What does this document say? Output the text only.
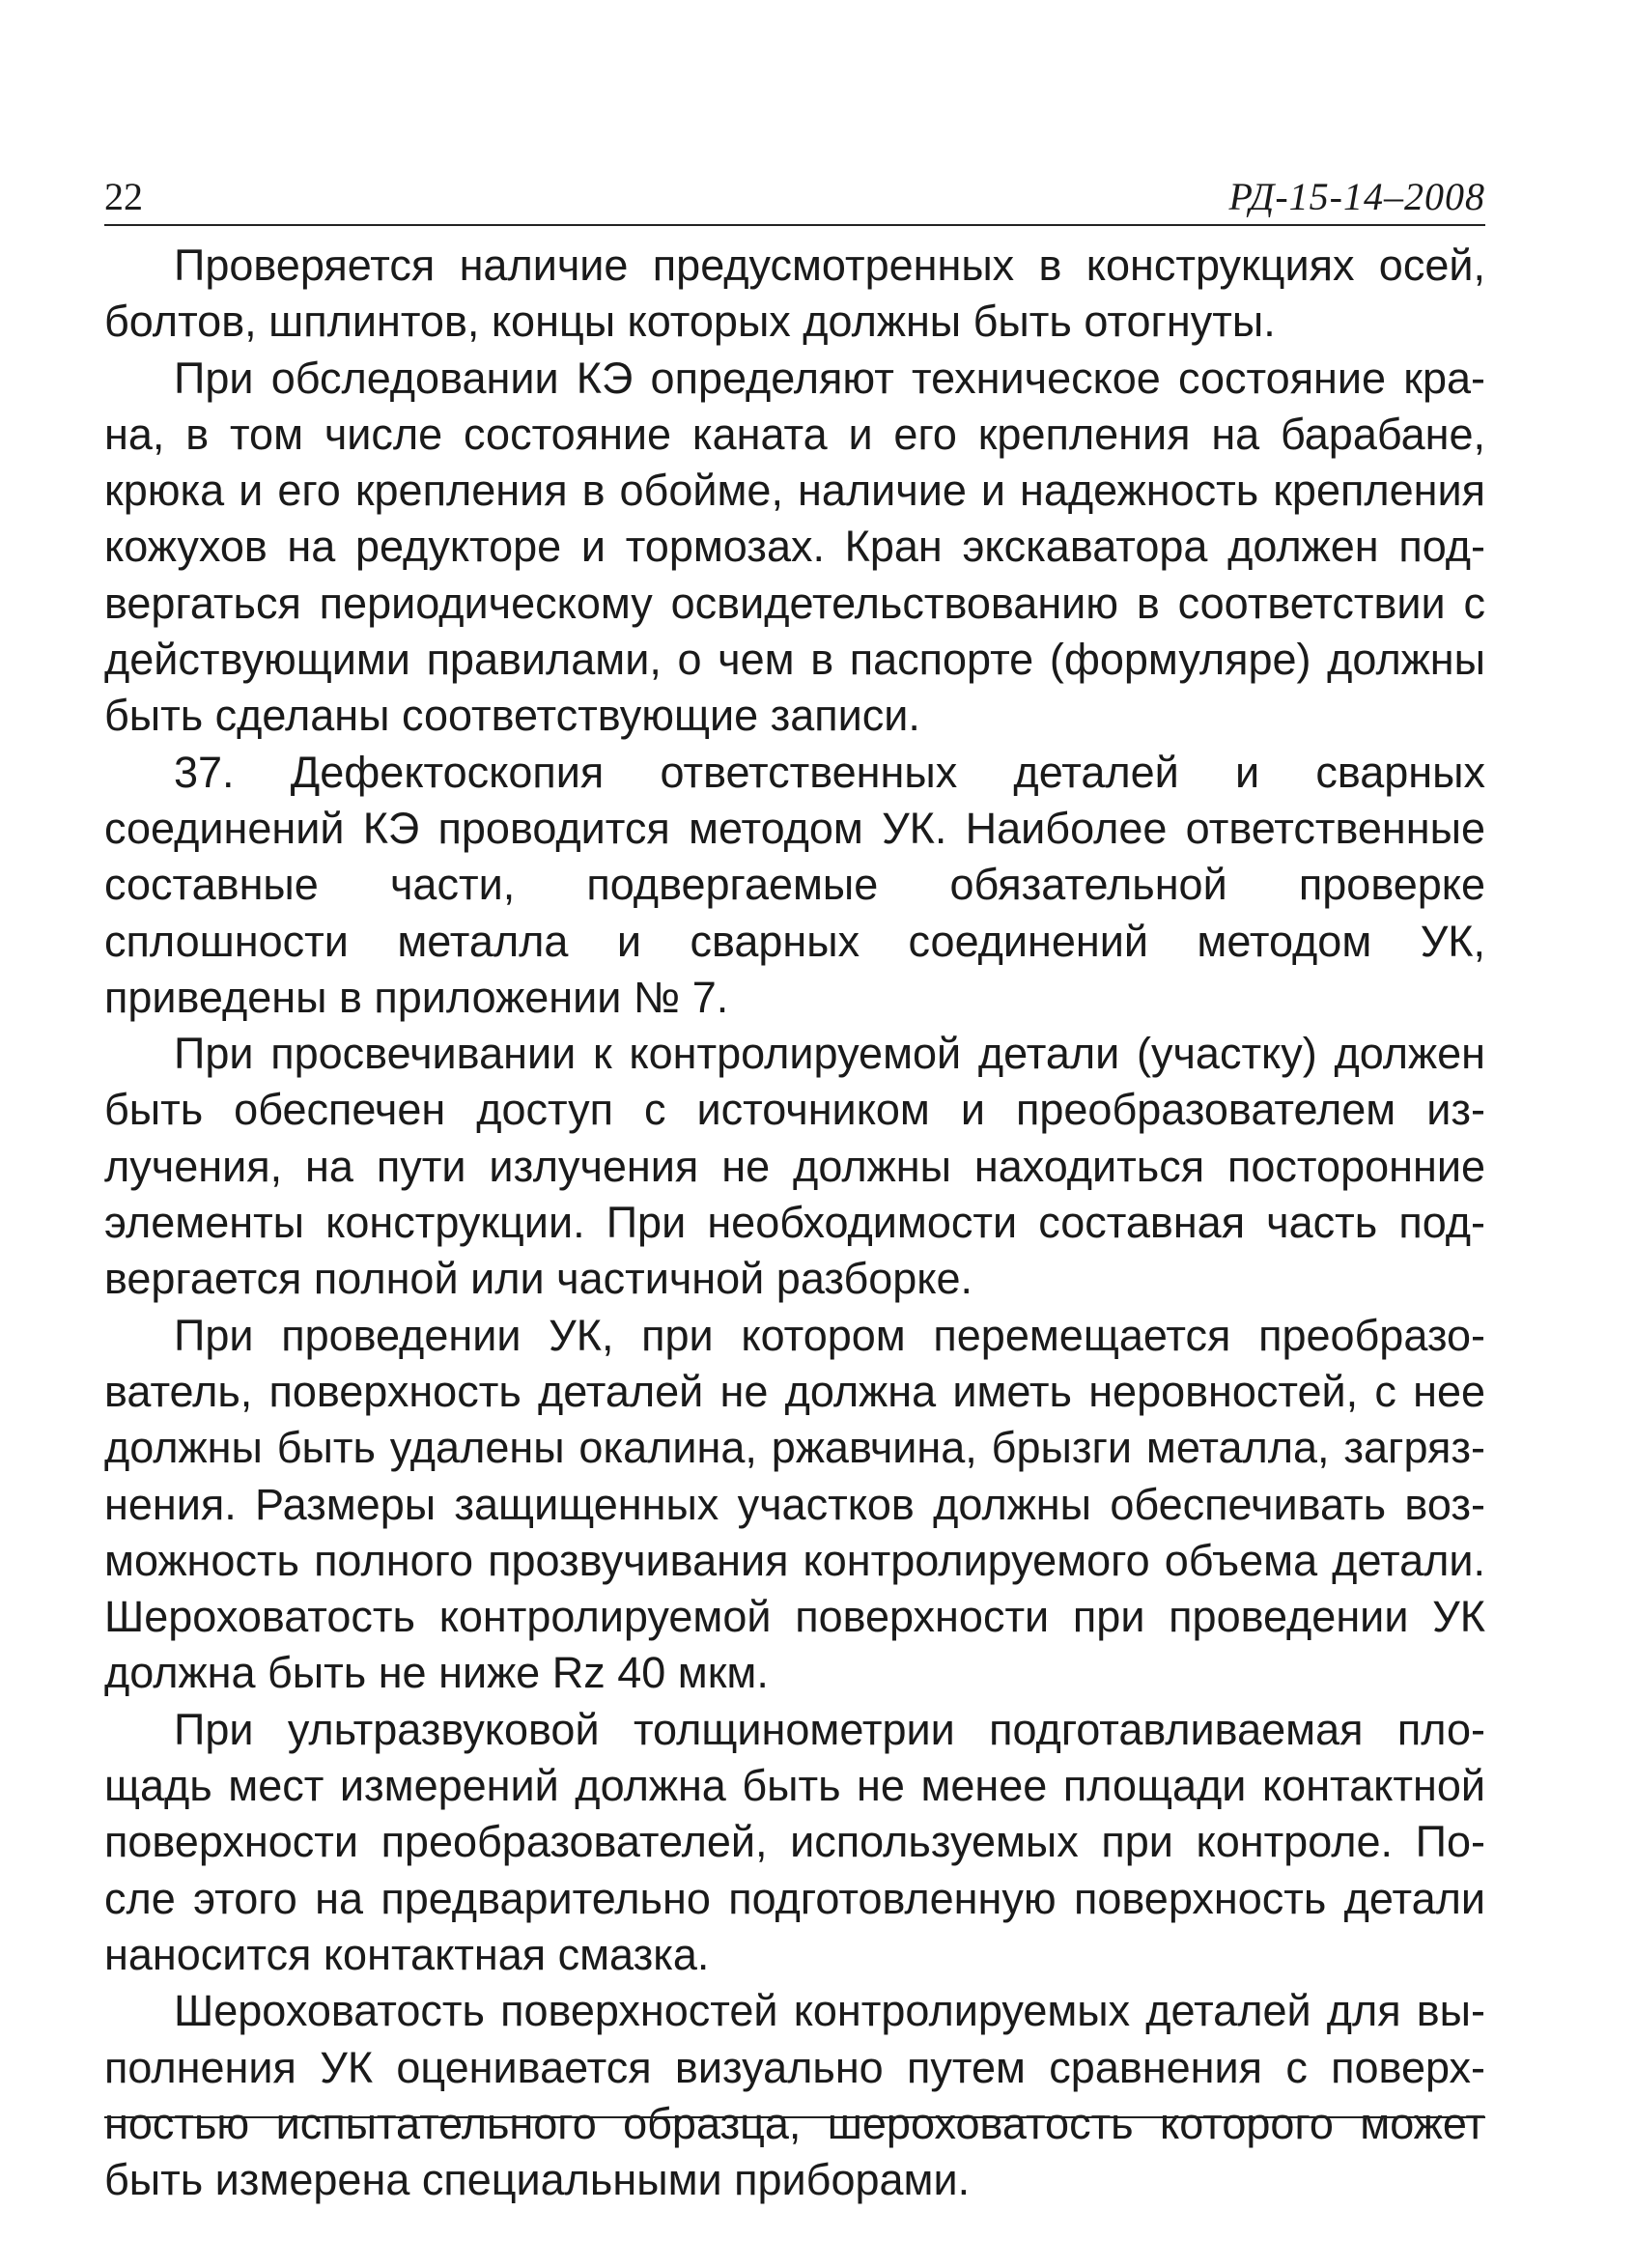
22	РД-15-14–2008

Проверяется наличие предусмотренных в конструкциях осей, болтов, шплинтов, концы которых должны быть отогнуты.

При обследовании КЭ определяют техническое состояние крана, в том числе состояние каната и его крепления на барабане, крюка и его крепления в обойме, наличие и надежность крепления кожухов на редукторе и тормозах. Кран экскаватора должен подвергаться периодическому освидетельствованию в соответствии с действующими правилами, о чем в паспорте (формуляре) должны быть сделаны соответствующие записи.

37. Дефектоскопия ответственных деталей и сварных соединений КЭ проводится методом УК. Наиболее ответственные составные части, подвергаемые обязательной проверке сплошности металла и сварных соединений методом УК, приведены в приложении № 7.

При просвечивании к контролируемой детали (участку) должен быть обеспечен доступ с источником и преобразователем излучения, на пути излучения не должны находиться посторонние элементы конструкции. При необходимости составная часть подвергается полной или частичной разборке.

При проведении УК, при котором перемещается преобразователь, поверхность деталей не должна иметь неровностей, с нее должны быть удалены окалина, ржавчина, брызги металла, загрязнения. Размеры защищенных участков должны обеспечивать возможность полного прозвучивания контролируемого объема детали. Шероховатость контролируемой поверхности при проведении УК должна быть не ниже Rz 40 мкм.

При ультразвуковой толщинометрии подготавливаемая площадь мест измерений должна быть не менее площади контактной поверхности преобразователей, используемых при контроле. После этого на предварительно подготовленную поверхность детали наносится контактная смазка.

Шероховатость поверхностей контролируемых деталей для выполнения УК оценивается визуально путем сравнения с поверхностью испытательного образца, шероховатость которого может быть измерена специальными приборами.
